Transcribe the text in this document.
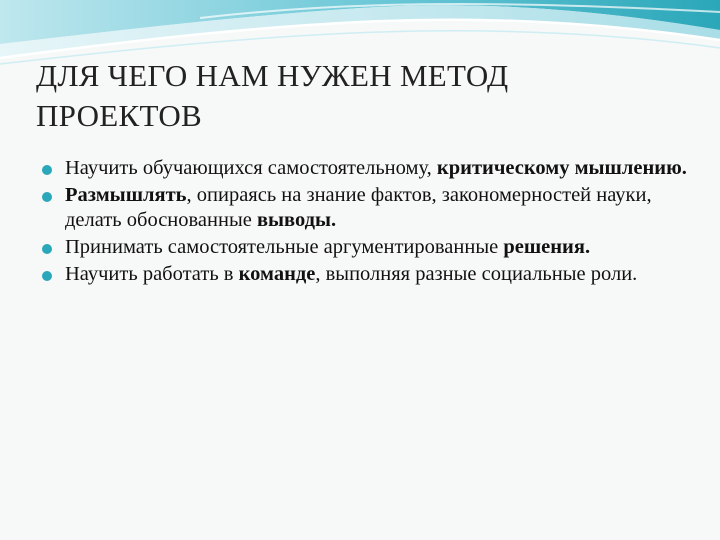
ДЛЯ ЧЕГО НАМ НУЖЕН МЕТОД
ПРОЕКТОВ
Научить обучающихся самостоятельному, критическому мышлению.
Размышлять, опираясь на знание фактов, закономерностей науки, делать обоснованные выводы.
Принимать самостоятельные аргументированные решения.
Научить работать в команде, выполняя разные социальные роли.
